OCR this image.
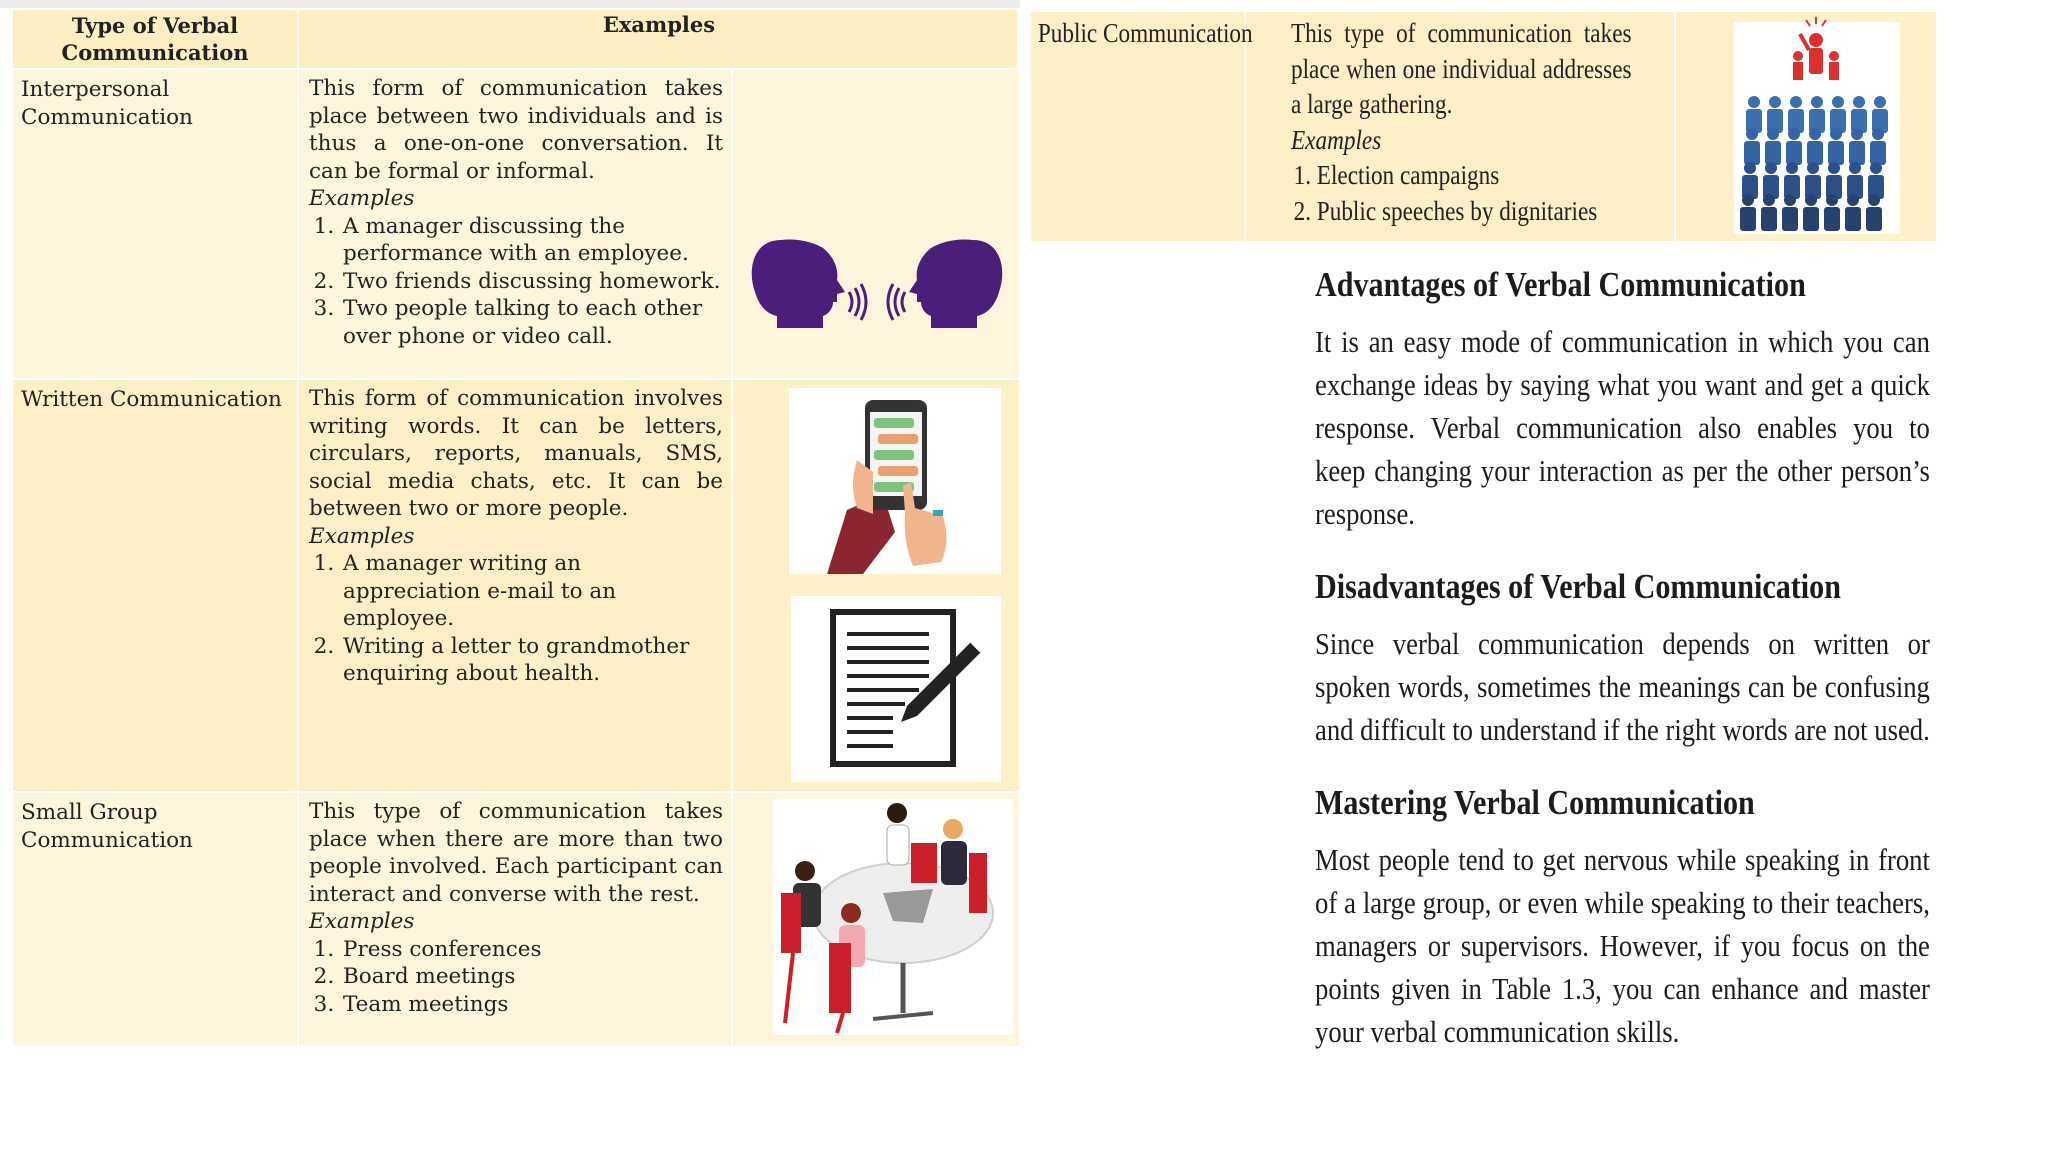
Type of Verbal Communication
Examples
Interpersonal Communication
This form of communication takes place between two individuals and is thus a one-on-one conversation. It can be formal or informal.
Examples
1. A manager discussing the performance with an employee.
2. Two friends discussing homework.
3. Two people talking to each other over phone or video call.
Written Communication	This form of communication involves writing words. It can be letters, circulars, reports, manuals, SMS, social media chats, etc. It can be between two or more people.
Examples
1. A manager writing an appreciation e-mail to an employee.
2. Writing a letter to grandmother enquiring about health.
Small Group Communication
This type of communication takes place when there are more than two people involved. Each participant can interact and converse with the rest.
Examples
1. Press conferences
2. Board meetings
3. Team meetings
Public Communication This type of communication takes place when one individual addresses a large gathering.
Examples
1. Election campaigns
2. Public speeches by dignitaries
Advantages of Verbal Communication

It is an easy mode of communication in which you can exchange ideas by saying what you want and get a quick response. Verbal communication also enables you to keep changing your interaction as per the other person’s response.

Disadvantages of Verbal Communication

Since verbal communication depends on written or spoken words, sometimes the meanings can be confusing and difficult to understand if the right words are not used.

Mastering Verbal Communication

Most people tend to get nervous while speaking in front of a large group, or even while speaking to their teachers, managers or supervisors. However, if you focus on the points given in Table 1.3, you can enhance and master your verbal communication skills.
